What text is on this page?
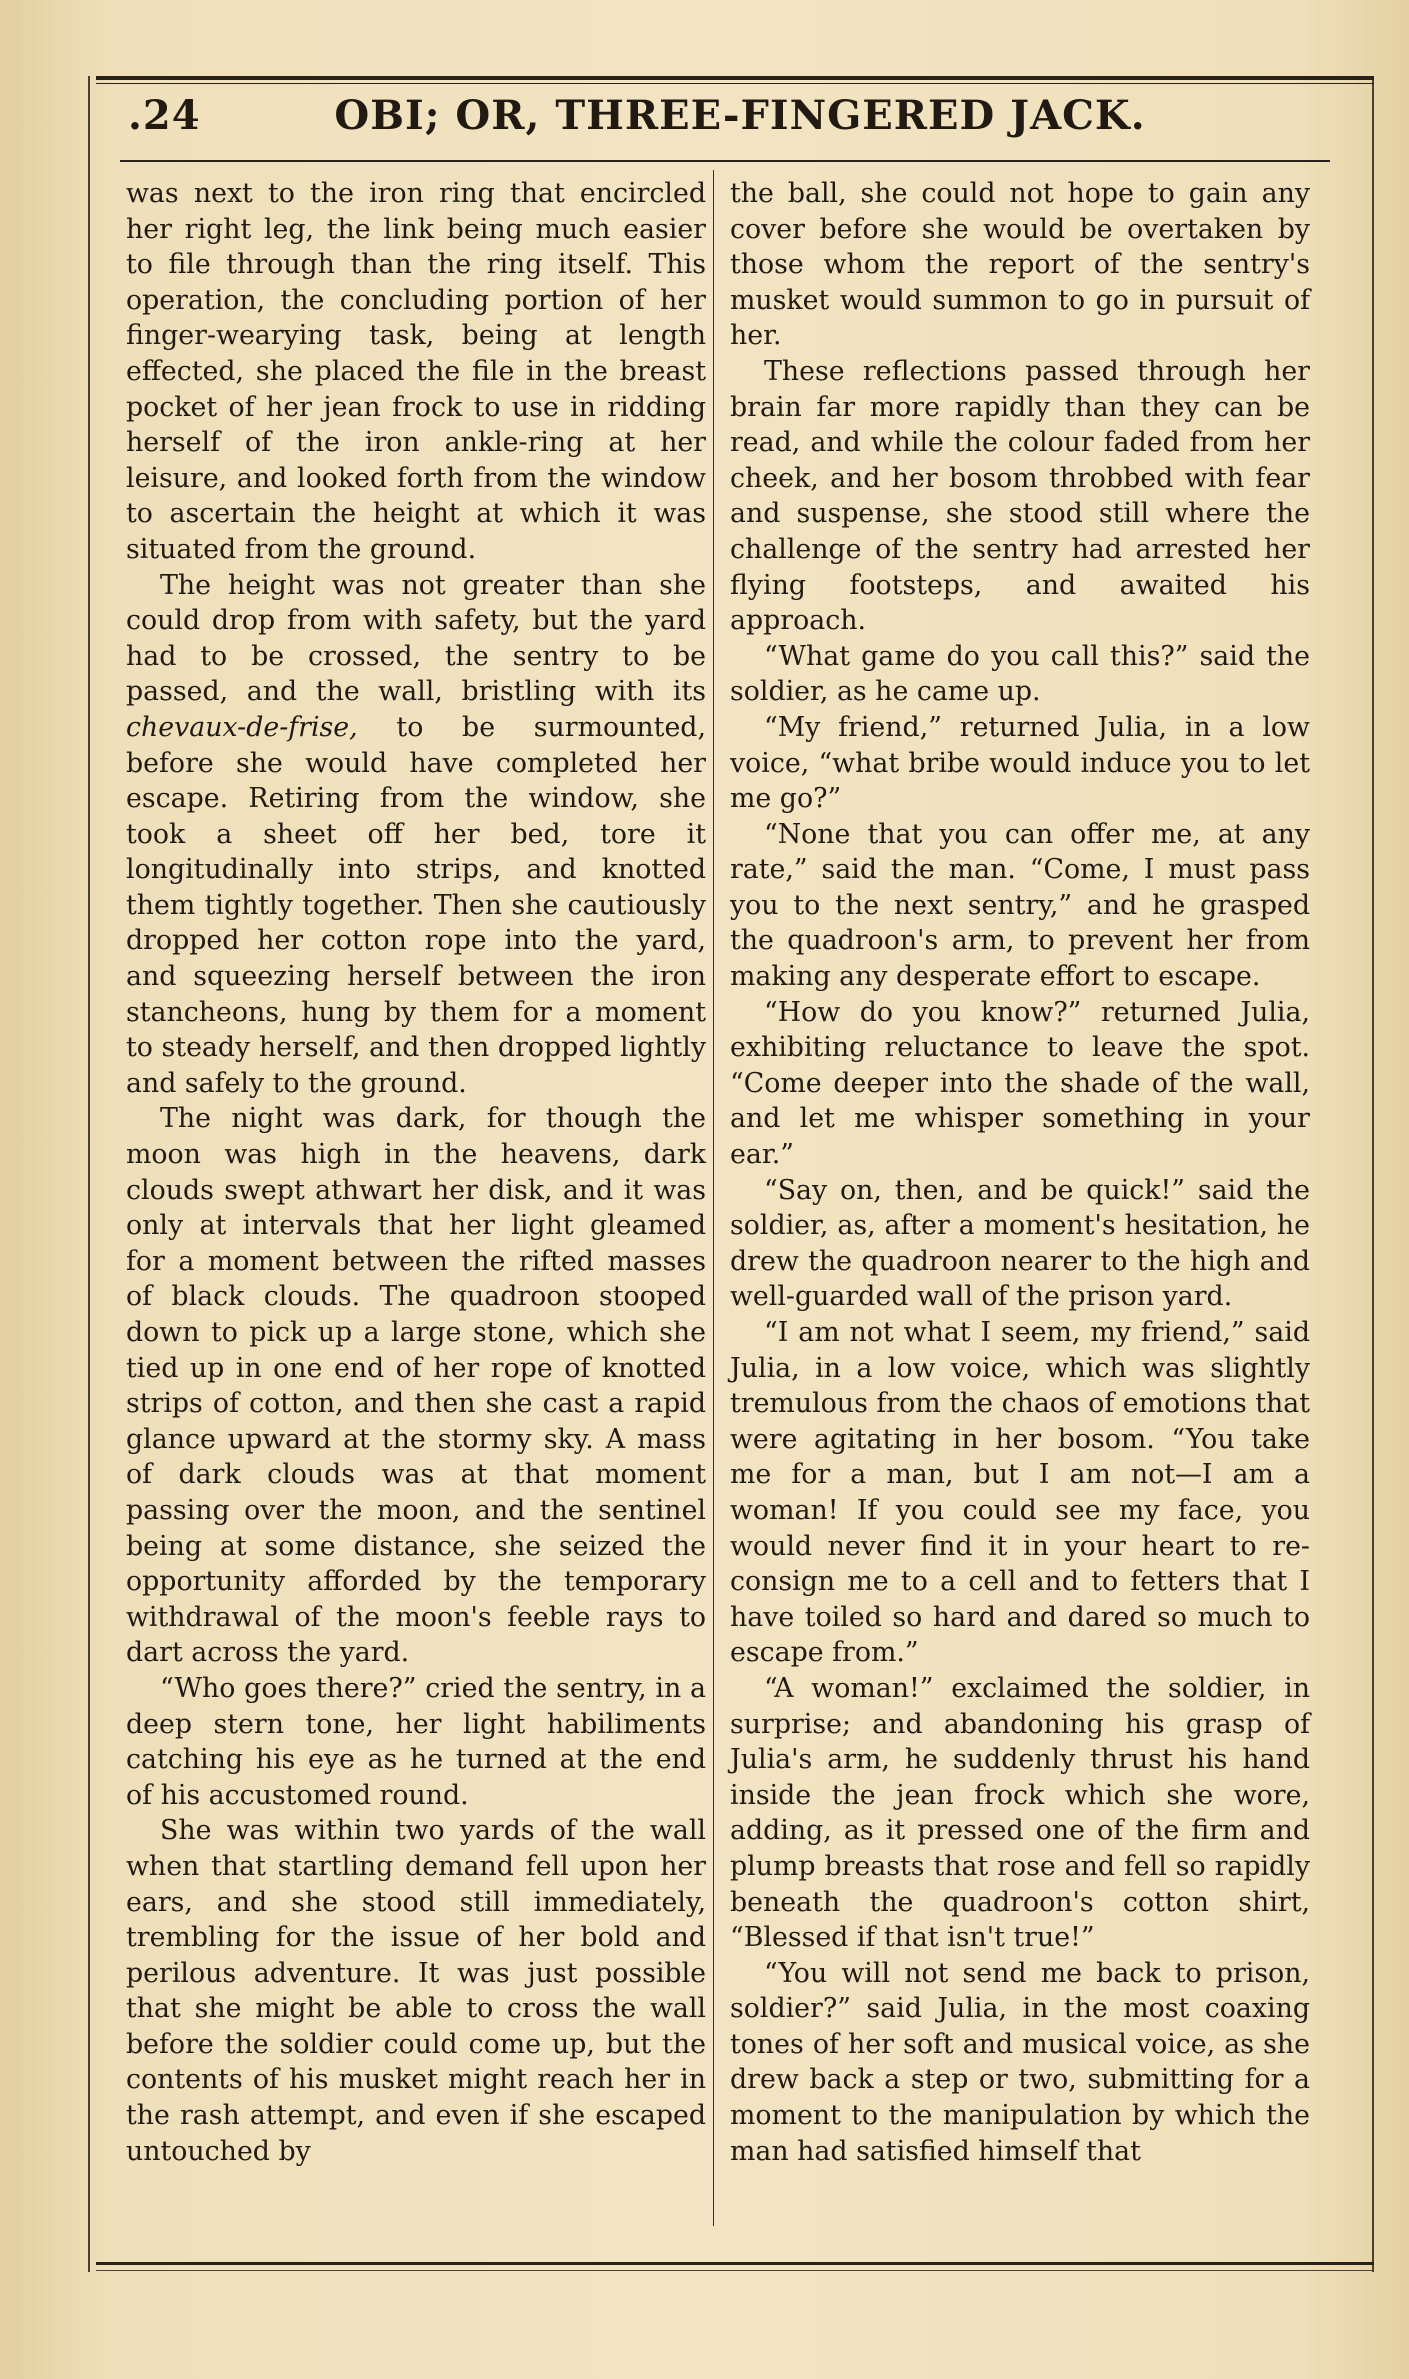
.24	OBI; OR, THREE-FINGERED JACK.

was next to the iron ring that encircled her right leg, the link being much easier to file through than the ring itself. This operation, the concluding portion of her finger-wearying task, being at length effected, she placed the file in the breast pocket of her jean frock to use in ridding herself of the iron ankle-ring at her leisure, and looked forth from the window to ascertain the height at which it was situated from the ground.

The height was not greater than she could drop from with safety, but the yard had to be crossed, the sentry to be passed, and the wall, bristling with its chevaux-de-frise, to be surmounted, before she would have completed her escape. Retiring from the window, she took a sheet off her bed, tore it longitudinally into strips, and knotted them tightly together. Then she cautiously dropped her cotton rope into the yard, and squeezing herself between the iron stancheons, hung by them for a moment to steady herself, and then dropped lightly and safely to the ground.

The night was dark, for though the moon was high in the heavens, dark clouds swept athwart her disk, and it was only at intervals that her light gleamed for a moment between the rifted masses of black clouds. The quadroon stooped down to pick up a large stone, which she tied up in one end of her rope of knotted strips of cotton, and then she cast a rapid glance upward at the stormy sky. A mass of dark clouds was at that moment passing over the moon, and the sentinel being at some distance, she seized the opportunity afforded by the temporary withdrawal of the moon's feeble rays to dart across the yard.

“Who goes there?” cried the sentry, in a deep stern tone, her light habiliments catching his eye as he turned at the end of his accustomed round.

She was within two yards of the wall when that startling demand fell upon her ears, and she stood still immediately, trembling for the issue of her bold and perilous adventure. It was just possible that she might be able to cross the wall before the soldier could come up, but the contents of his musket might reach her in the rash attempt, and even if she escaped untouched by

the ball, she could not hope to gain any cover before she would be overtaken by those whom the report of the sentry's musket would summon to go in pursuit of her.

These reflections passed through her brain far more rapidly than they can be read, and while the colour faded from her cheek, and her bosom throbbed with fear and suspense, she stood still where the challenge of the sentry had arrested her flying footsteps, and awaited his approach.

“What game do you call this?” said the soldier, as he came up.

“My friend,” returned Julia, in a low voice, “what bribe would induce you to let me go?”

“None that you can offer me, at any rate,” said the man. “Come, I must pass you to the next sentry,” and he grasped the quadroon's arm, to prevent her from making any desperate effort to escape.

“How do you know?” returned Julia, exhibiting reluctance to leave the spot. “Come deeper into the shade of the wall, and let me whisper something in your ear.”

“Say on, then, and be quick!” said the soldier, as, after a moment's hesitation, he drew the quadroon nearer to the high and well-guarded wall of the prison yard.

“I am not what I seem, my friend,” said Julia, in a low voice, which was slightly tremulous from the chaos of emotions that were agitating in her bosom. “You take me for a man, but I am not—I am a woman! If you could see my face, you would never find it in your heart to re-consign me to a cell and to fetters that I have toiled so hard and dared so much to escape from.”

“A woman!” exclaimed the soldier, in surprise; and abandoning his grasp of Julia's arm, he suddenly thrust his hand inside the jean frock which she wore, adding, as it pressed one of the firm and plump breasts that rose and fell so rapidly beneath the quadroon's cotton shirt, “Blessed if that isn't true!”

“You will not send me back to prison, soldier?” said Julia, in the most coaxing tones of her soft and musical voice, as she drew back a step or two, submitting for a moment to the manipulation by which the man had satisfied himself that
